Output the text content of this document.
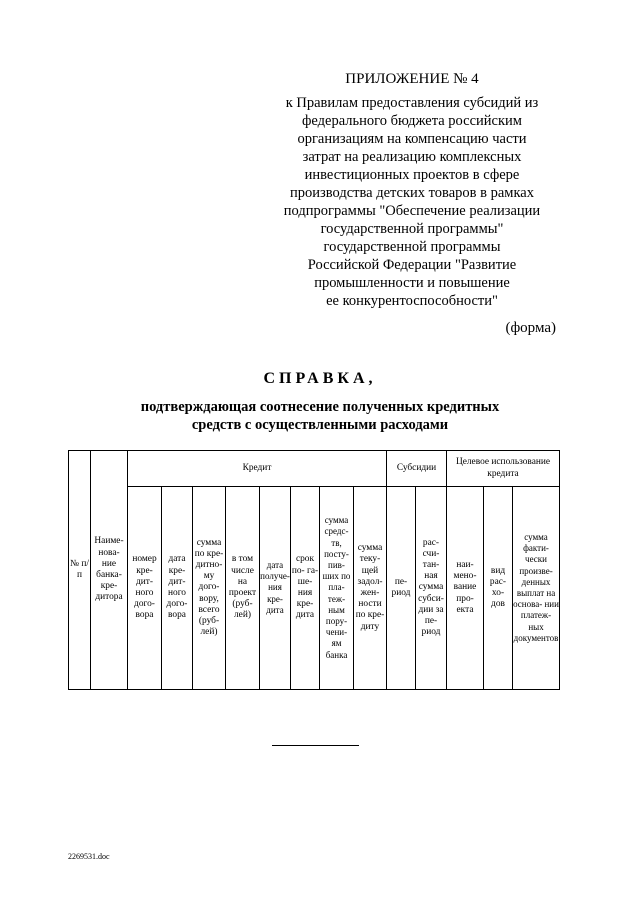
ПРИЛОЖЕНИЕ № 4
к Правилам предоставления субсидий из
федерального бюджета российским
организациям на компенсацию части
затрат на реализацию комплексных
инвестиционных проектов в сфере
производства детских товаров в рамках
подпрограммы "Обеспечение реализации
государственной программы"
государственной программы
Российской Федерации "Развитие
промышленности и повышение
ее конкурентоспособности"
(форма)
СПРАВКА,
подтверждающая соотнесение полученных кредитных
средств с осуществленными расходами
№ п/п	Наиме- нова- ние банка- кре- дитора	Кредит								Субсидии		Целевое использование кредита		
		номер кре- дит- ного дого- вора	дата кре- дит- ного дого- вора	сумма по кре- дитно- му дого- вору, всего (руб- лей)	в том числе на проект (руб- лей)	дата получе- ния кре- дита	срок по- га- ше- ния кре- дита	сумма средс- тв, посту- пив- ших по пла- теж- ным пору- чени- ям банка	сумма теку- щей задол- жен- ности по кре- диту	пе- риод	рас- счи- тан- ная сумма субси- дии за пе- риод	наи- мено- вание про- екта	вид рас- хо- дов	сумма факти- чески произве- денных выплат на основа- нии платеж- ных документов
2269531.doc
